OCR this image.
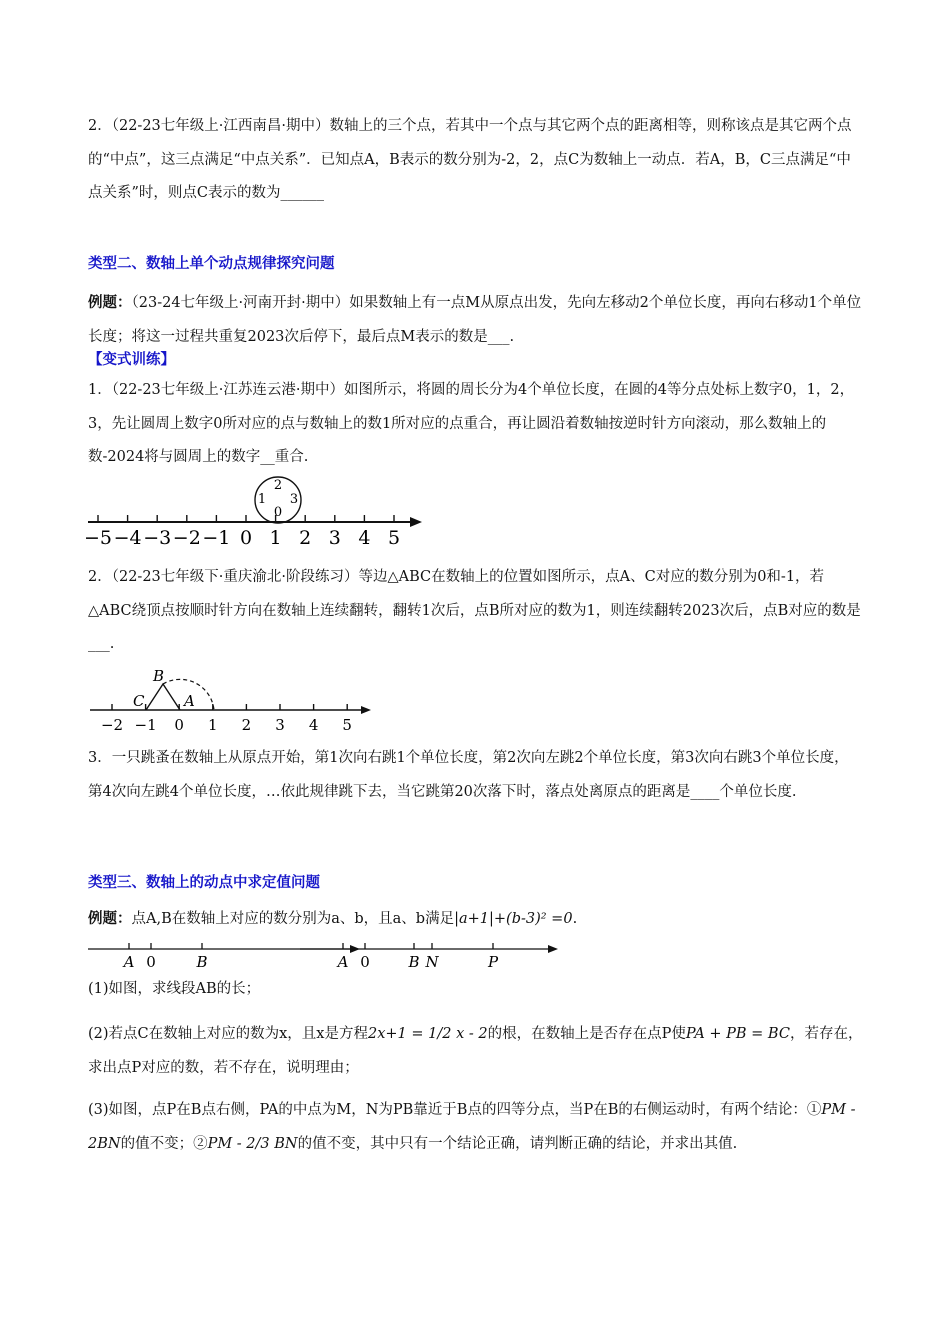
2．（22-23七年级上·江西南昌·期中）数轴上的三个点，若其中一个点与其它两个点的距离相等，则称该点是其它两个点的“中点”，这三点满足“中点关系”．已知点A，B表示的数分别为-2，2，点C为数轴上一动点．若A，B，C三点满足“中点关系”时，则点C表示的数为______
类型二、数轴上单个动点规律探究问题
例题：（23-24七年级上·河南开封·期中）如果数轴上有一点M从原点出发，先向左移动2个单位长度，再向右移动1个单位长度；将这一过程共重复2023次后停下，最后点M表示的数是___.
【变式训练】
1．（22-23七年级上·江苏连云港·期中）如图所示，将圆的周长分为4个单位长度，在圆的4等分点处标上数字0，1，2，3，先让圆周上数字0所对应的点与数轴上的数1所对应的点重合，再让圆沿着数轴按逆时针方向滚动，那么数轴上的数-2024将与圆周上的数字__重合.
−5 −4 −3 −2 −1 0 1 2 3 4 5
2
1 3
0
2．（22-23七年级下·重庆渝北·阶段练习）等边△ABC在数轴上的位置如图所示，点A、C对应的数分别为0和-1，若△ABC绕顶点按顺时针方向在数轴上连续翻转，翻转1次后，点B所对应的数为1，则连续翻转2023次后，点B对应的数是___.
−2 −1 0 1 2 3 4 5
B
C	A
3．一只跳蚤在数轴上从原点开始，第1次向右跳1个单位长度，第2次向左跳2个单位长度，第3次向右跳3个单位长度，第4次向左跳4个单位长度，…依此规律跳下去，当它跳第20次落下时，落点处离原点的距离是____个单位长度.
类型三、数轴上的动点中求定值问题
例题：点A,B在数轴上对应的数分别为a、b，且a、b满足|a+1|+(b-3)² =0.
A 0	B	A 0	B N	P
(1)如图，求线段AB的长；
(2)若点C在数轴上对应的数为x，且x是方程2x+1 = 1/2 x - 2的根，在数轴上是否存在点P使PA + PB = BC，若存在，求出点P对应的数，若不存在，说明理由；
(3)如图，点P在B点右侧，PA的中点为M，N为PB靠近于B点的四等分点，当P在B的右侧运动时，有两个结论：①PM - 2BN的值不变；②PM - 2/3 BN的值不变，其中只有一个结论正确，请判断正确的结论，并求出其值.
